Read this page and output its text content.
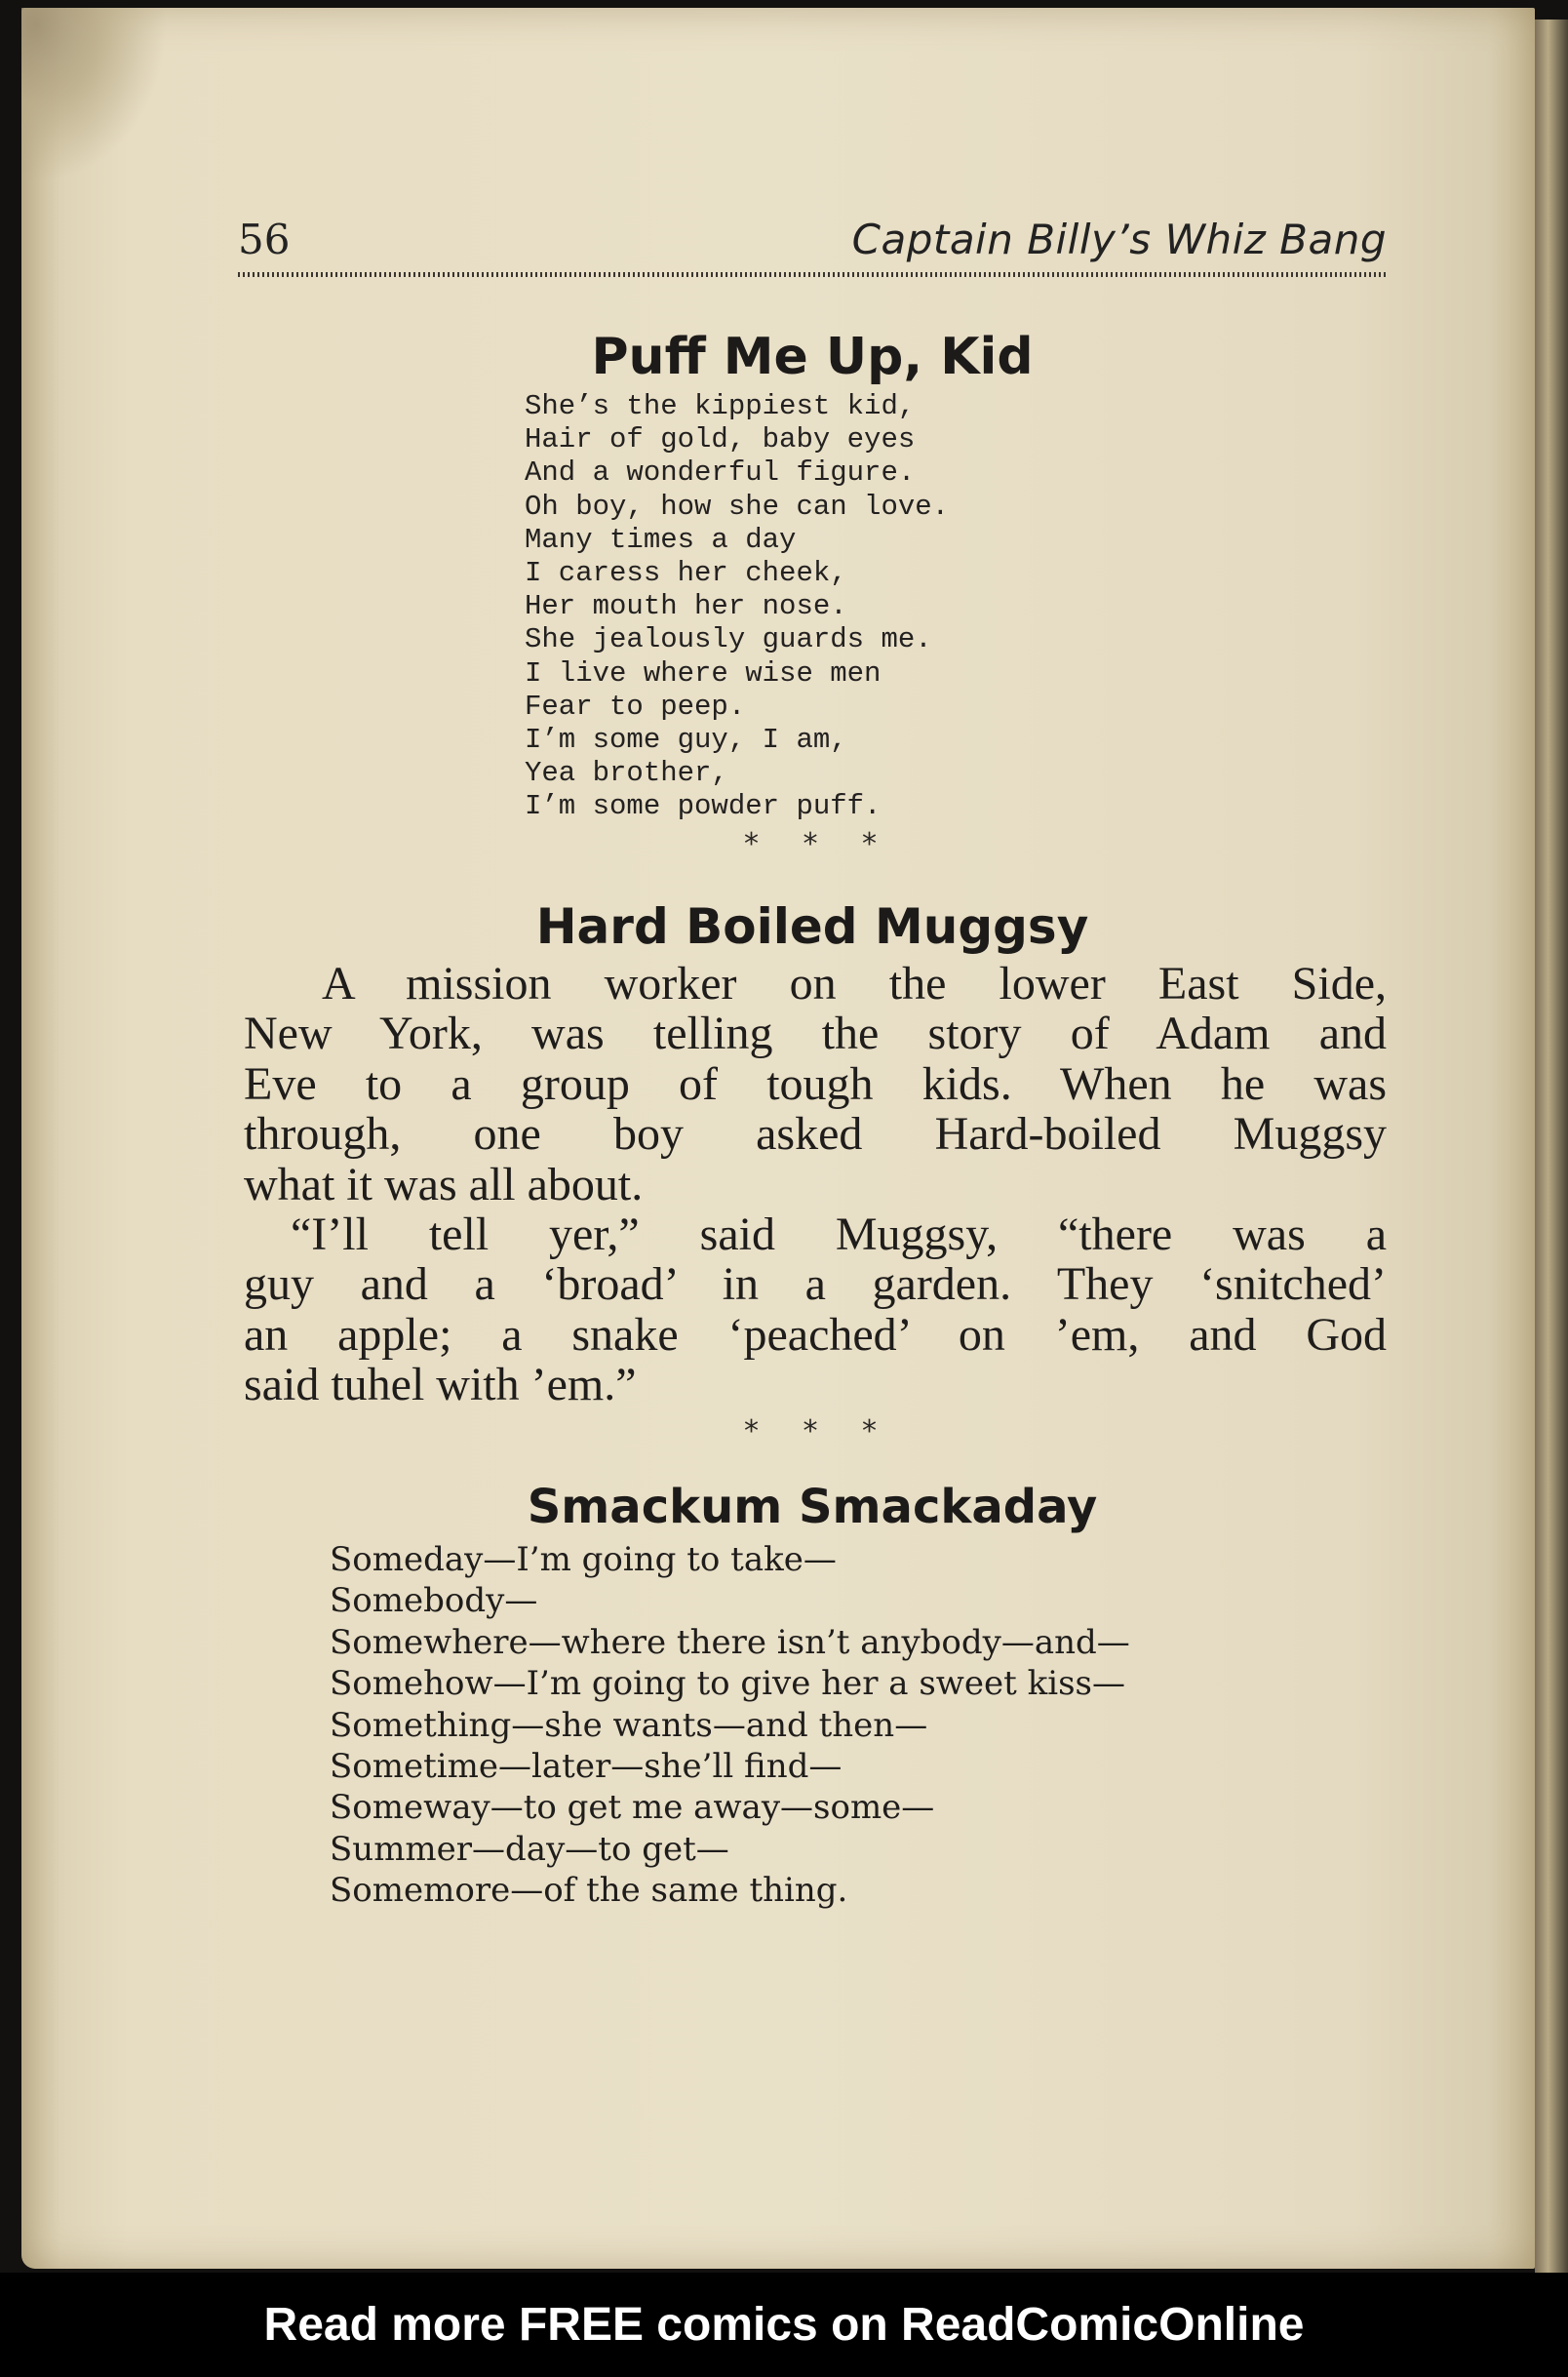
56	Captain Billy’s Whiz Bang
Puff Me Up, Kid
She’s the kippiest kid,
Hair of gold, baby eyes
And a wonderful figure.
Oh boy, how she can love.
Many times a day
I caress her cheek,
Her mouth her nose.
She jealously guards me.
I live where wise men
Fear to peep.
I’m some guy, I am,
Yea brother,
I’m some powder puff.
* * *
Hard Boiled Muggsy
A mission worker on the lower East Side,
New York, was telling the story of Adam and
Eve to a group of tough kids. When he was
through, one boy asked Hard-boiled Muggsy
what it was all about.
“I’ll tell yer,” said Muggsy, “there was a
guy and a ‘broad’ in a garden. They ‘snitched’
an apple; a snake ‘peached’ on ’em, and God
said tuhel with ’em.”
* * *
Smackum Smackaday
Someday—I’m going to take—
Somebody—
Somewhere—where there isn’t anybody—and—
Somehow—I’m going to give her a sweet kiss—
Something—she wants—and then—
Sometime—later—she’ll find—
Someway—to get me away—some—
Summer—day—to get—
Somemore—of the same thing.
Read more FREE comics on ReadComicOnline
